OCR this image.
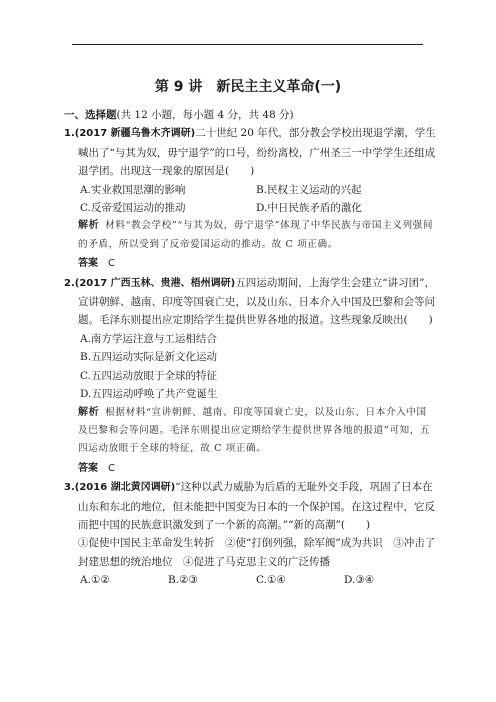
第 9 讲　新民主主义革命(一)
一、选择题(共 12 小题，每小题 4 分，共 48 分)
1.(2017 新疆乌鲁木齐调研)二十世纪 20 年代，部分教会学校出现退学潮，学生喊出了“与其为奴，毋宁退学”的口号，纷纷离校，广州圣三一中学学生还组成退学团。出现这一现象的原因是(　　)
A.实业救国思潮的影响	B.民权主义运动的兴起
C.反帝爱国运动的推动	D.中日民族矛盾的激化
解析 材料“教会学校”“与其为奴，毋宁退学”体现了中华民族与帝国主义列强间的矛盾，所以受到了反帝爱国运动的推动。故 C 项正确。
答案 C
2.(2017 广西玉林、贵港、梧州调研)五四运动期间，上海学生会建立“讲习团”，宣讲朝鲜、越南、印度等国衰亡史，以及山东、日本介入中国及巴黎和会等问题。毛泽东则提出应定期给学生提供世界各地的报道。这些现象反映出(　　)
A.南方学运注意与工运相结合
B.五四运动实际是新文化运动
C.五四运动放眼于全球的特征
D.五四运动呼唤了共产党诞生
解析 根据材料“宣讲朝鲜、越南、印度等国衰亡史，以及山东、日本介入中国及巴黎和会等问题。毛泽东则提出应定期给学生提供世界各地的报道”可知，五四运动放眼于全球的特征，故 C 项正确。
答案 C
3.(2016 湖北黄冈调研)“这种以武力威胁为后盾的无耻外交手段，巩固了日本在山东和东北的地位，但未能把中国变为日本的一个保护国。在这过程中，它反而把中国的民族意识激发到了一个新的高潮。”“新的高潮”(　　)
①促使中国民主革命发生转折　②使“打倒列强，除军阀”成为共识　③冲击了封建思想的统治地位　④促进了马克思主义的广泛传播
A.①②	B.②③	C.①④	D.③④
